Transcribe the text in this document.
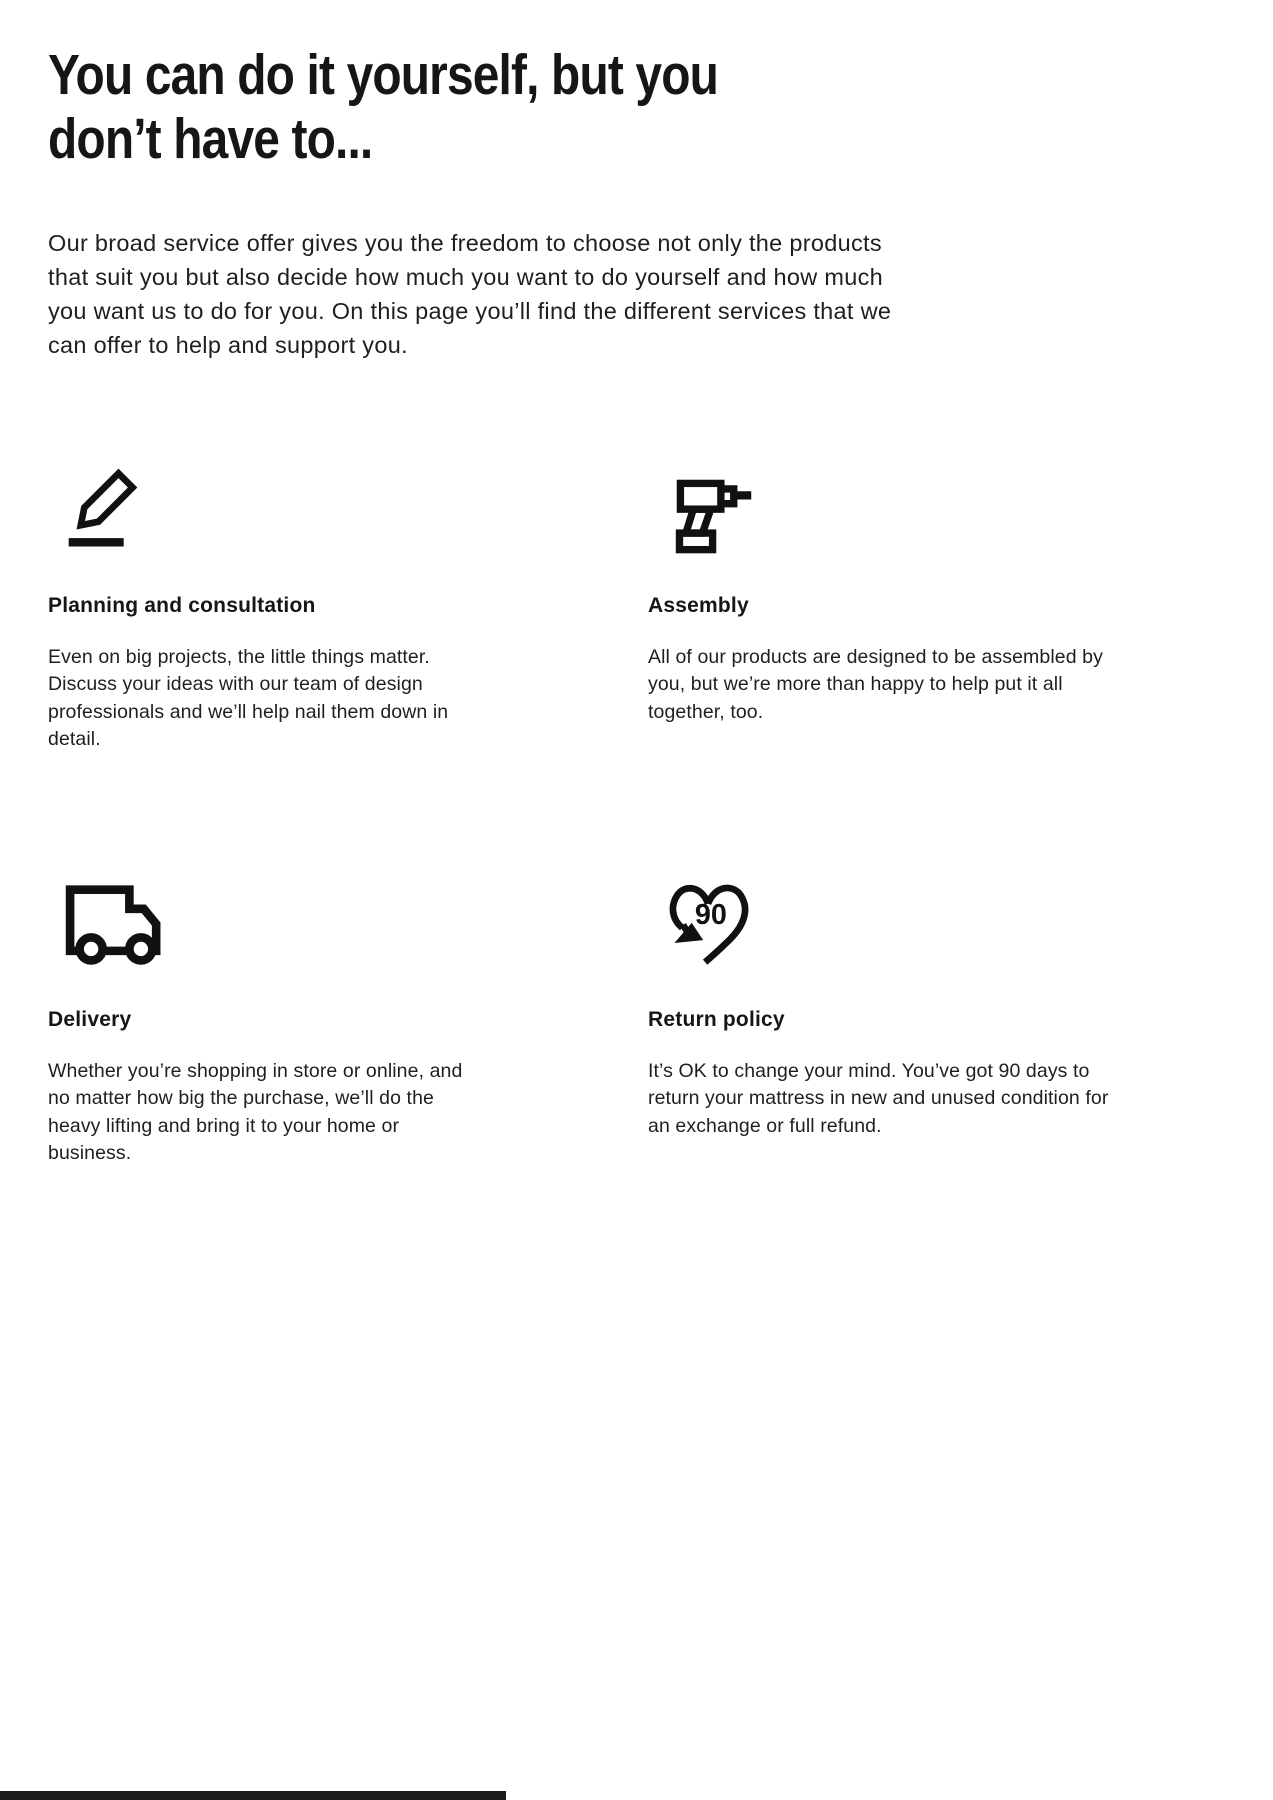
You can do it yourself, but you
don’t have to...

Our broad service offer gives you the freedom to choose not only the products that suit you but also decide how much you want to do yourself and how much you want us to do for you. On this page you’ll find the different services that we can offer to help and support you.

Planning and consultation

Even on big projects, the little things matter. Discuss your ideas with our team of design professionals and we’ll help nail them down in detail.

Assembly

All of our products are designed to be assembled by you, but we’re more than happy to help put it all together, too.

Delivery

Whether you’re shopping in store or online, and no matter how big the purchase, we’ll do the heavy lifting and bring it to your home or business.

90
Return policy

It’s OK to change your mind. You’ve got 90 days to return your mattress in new and unused condition for an exchange or full refund.
